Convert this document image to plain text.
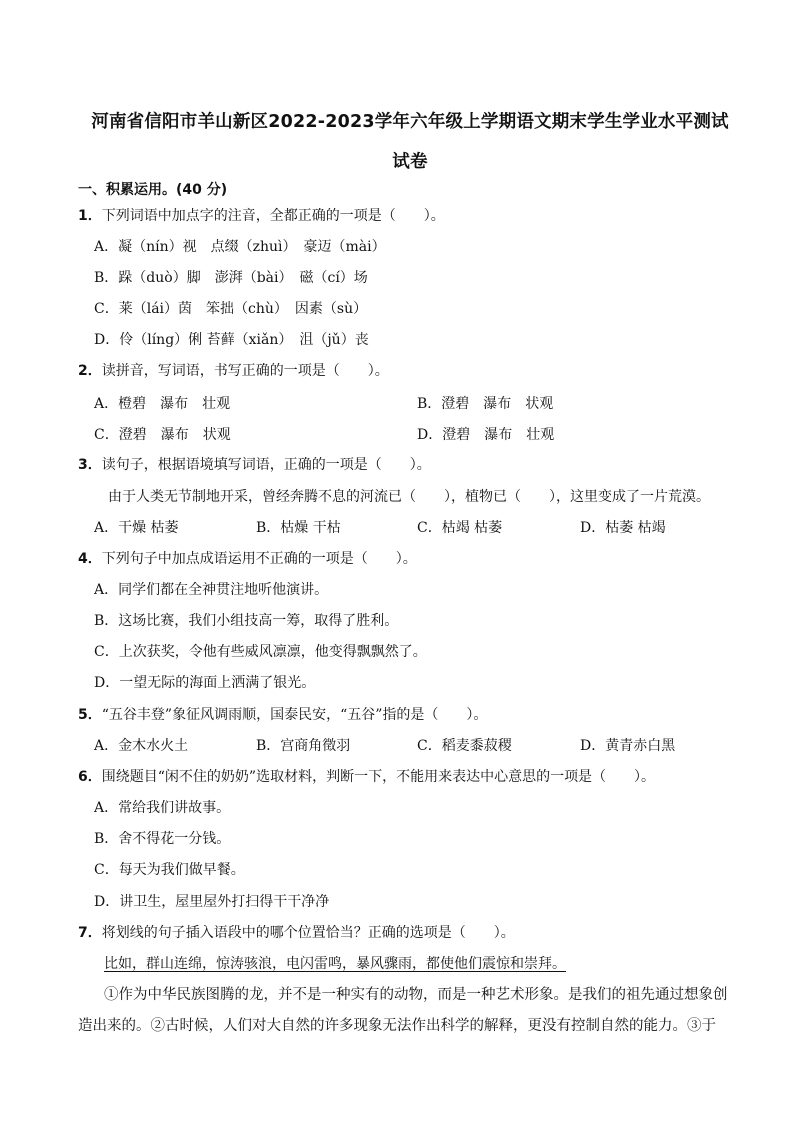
河南省信阳市羊山新区2022-2023学年六年级上学期语文期末学生学业水平测试
试卷
一、积累运用。(40 分)
1．下列词语中加点字的注音，全都正确的一项是（　　）。
A．凝（nín）视　点缀（zhuì）　豪迈（mài）
B．跺（duò）脚　澎湃（bài）　磁（cí）场
C．莱（lái）茵　笨拙（chù）　因素（sù）
D．伶（líng）俐 苔藓（xiǎn）　沮（jǔ）丧
2．读拼音，写词语，书写正确的一项是（　　）。
A．橙碧　瀑布　壮观	B．澄碧　瀑布　状观
C．澄碧　瀑布　状观	D．澄碧　瀑布　壮观
3．读句子，根据语境填写词语，正确的一项是（　　）。
由于人类无节制地开采，曾经奔腾不息的河流已（　　），植物已（　　），这里变成了一片荒漠。
A．干燥 枯萎	B．枯燥 干枯	C．枯竭 枯萎	D．枯萎 枯竭
4．下列句子中加点成语运用不正确的一项是（　　）。
A．同学们都在全神贯注地听他演讲。
B．这场比赛，我们小组技高一筹，取得了胜利。
C．上次获奖，令他有些威风凛凛，他变得飘飘然了。
D．一望无际的海面上洒满了银光。
5．“五谷丰登”象征风调雨顺，国泰民安，“五谷”指的是（　　）。
A．金木水火土	B．宫商角徵羽	C．稻麦黍菽稷	D．黄青赤白黑
6．围绕题目“闲不住的奶奶”选取材料，判断一下，不能用来表达中心意思的一项是（　　）。
A．常给我们讲故事。
B．舍不得花一分钱。
C．每天为我们做早餐。
D．讲卫生，屋里屋外打扫得干干净净
7．将划线的句子插入语段中的哪个位置恰当？正确的选项是（　　）。
比如，群山连绵，惊涛骇浪，电闪雷鸣，暴风骤雨，都使他们震惊和崇拜。
①作为中华民族图腾的龙，并不是一种实有的动物，而是一种艺术形象。是我们的祖先通过想象创
造出来的。②古时候，人们对大自然的许多现象无法作出科学的解释，更没有控制自然的能力。③于
